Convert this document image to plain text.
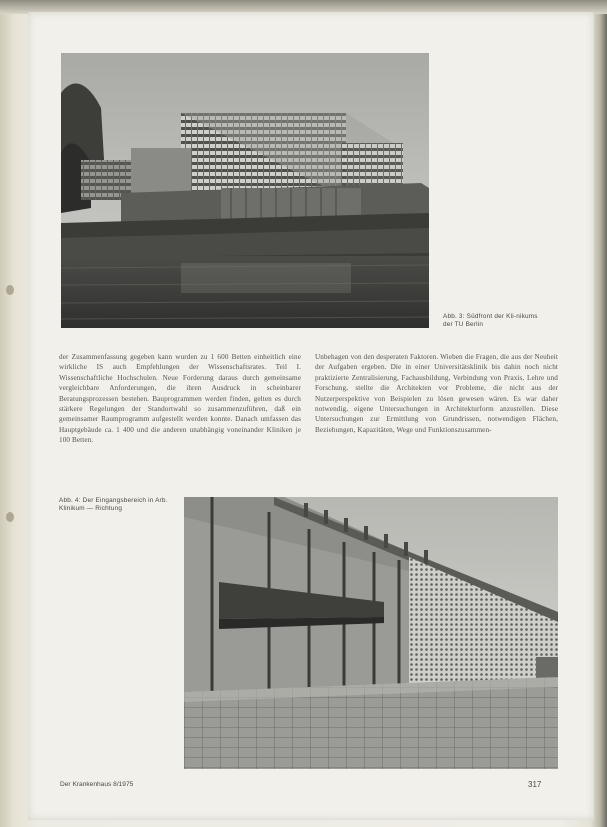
Abb. 3: Südfront der Kli-nikums der TU Berlin

der Zusammenfassung gegeben kann wurden zu 1 600 Betten einheitlich eine wirkliche IS auch Empfehlungen der Wissenschaftsrates. Teil I. Wissenschaftliche Hochschulen. Neue Forderung daraus durch gemeinsame vergleichbare Anforderungen, die ihren Ausdruck in scheinbarer Beratungsprozessen bestehen. Bauprogrammen werden finden, gelten es durch stärkere Regelungen der Standortwahl so zusammenzuführen, daß ein gemeinsamer Raumprogramm aufgestellt werden konnte. Danach umfassen das Hauptgebäude ca. 1 400 und die anderen unabhängig voneinander Kliniken je 100 Betten.

Unbehagen von den desperaten Faktoren. Wieben die Fragen, die aus der Neuheit der Aufgaben ergeben. Die in einer Universitätsklinik bis dahin noch nicht praktizierte Zentralisierung, Fachausbildung, Verbindung von Praxis, Lehre und Forschung, stellte die Architekten vor Probleme, die nicht aus der Nutzerperspektive von Beispielen zu lösen gewesen wären. Es war daher notwendig, eigene Untersuchungen in Architekturform anzustellen. Diese Untersuchungen zur Ermittlung von Grundrissen, notwendigen Flächen, Beziehungen, Kapazitäten, Wege und Funktionszusammen-

Abb. 4: Der Eingangsbereich in Arb. Klinikum — Richtung
Der Krankenhaus 8/1975	317
